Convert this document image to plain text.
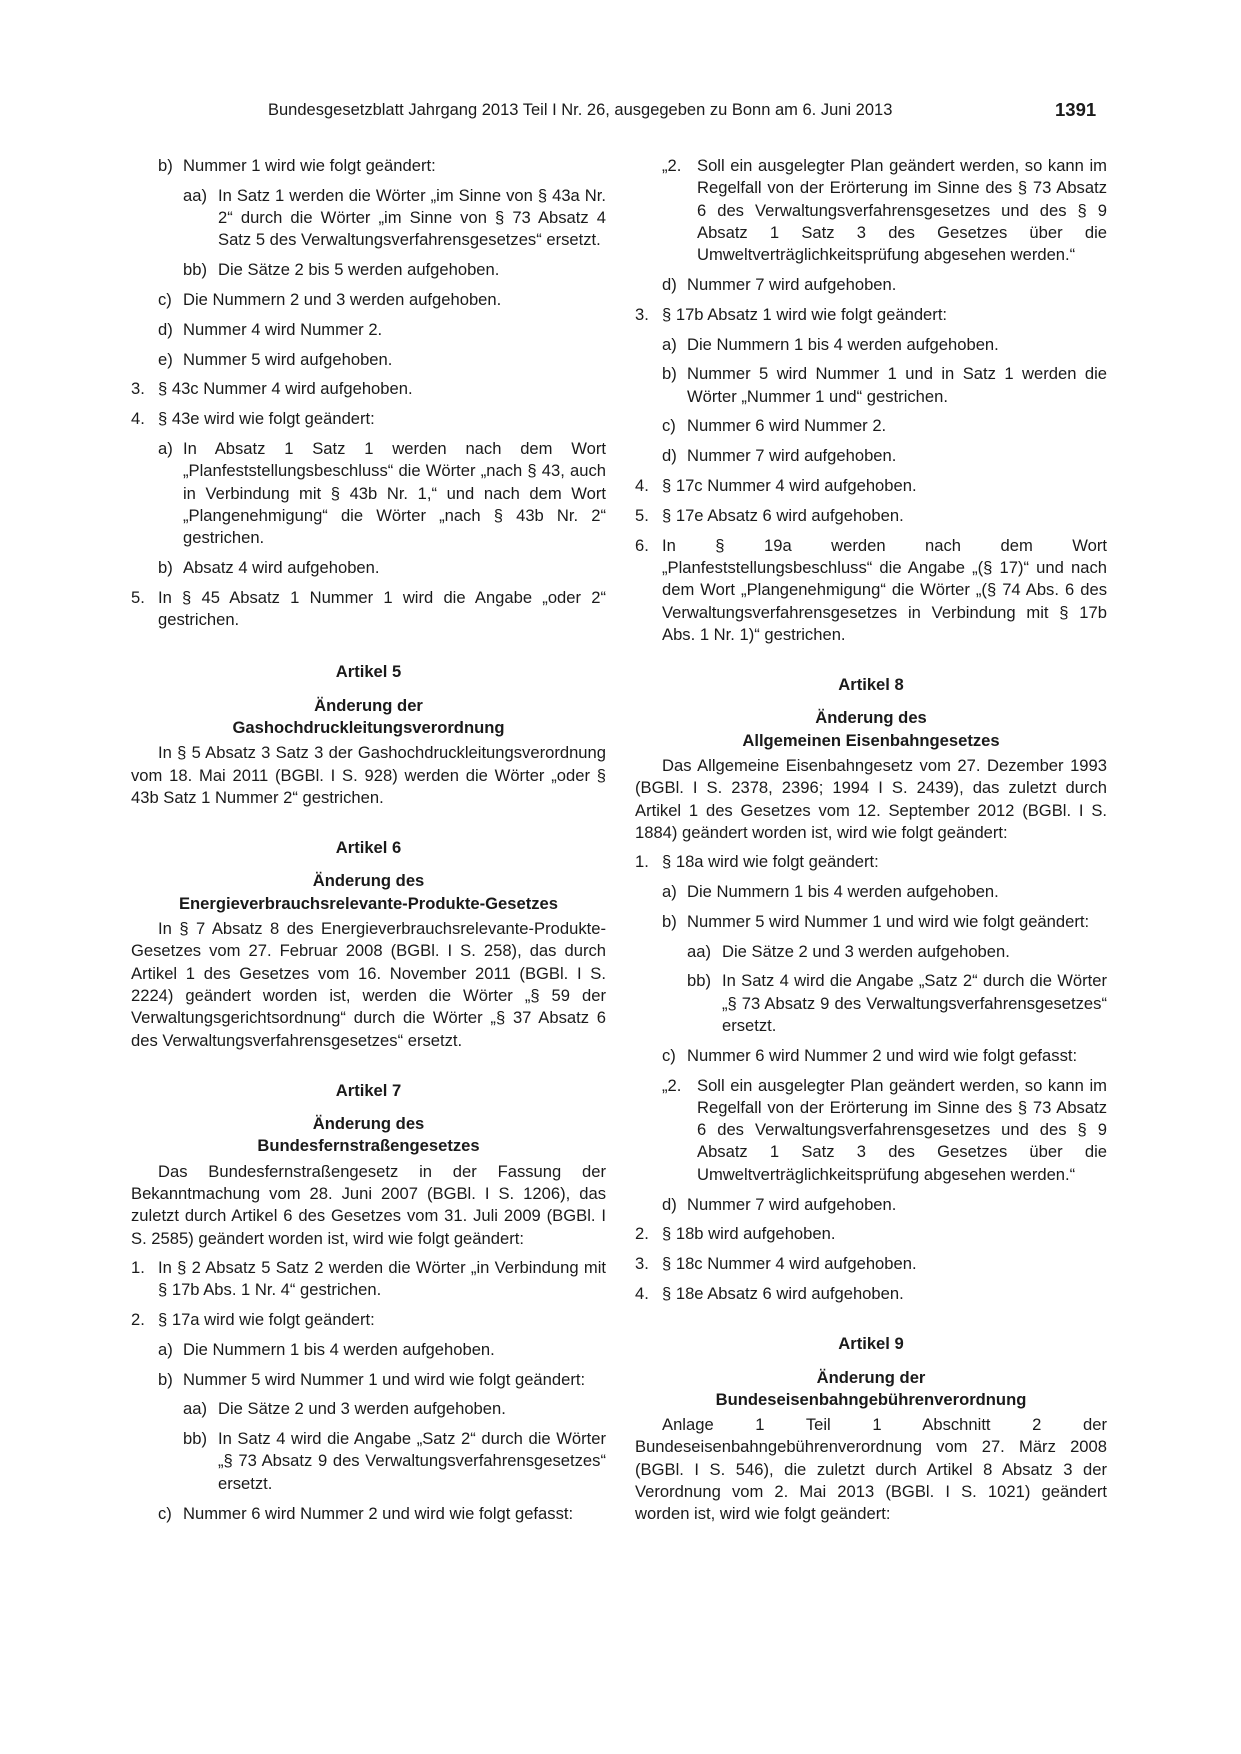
Bundesgesetzblatt Jahrgang 2013 Teil I Nr. 26, ausgegeben zu Bonn am 6. Juni 2013	1391
b) Nummer 1 wird wie folgt geändert:
aa) In Satz 1 werden die Wörter „im Sinne von § 43a Nr. 2“ durch die Wörter „im Sinne von § 73 Absatz 4 Satz 5 des Verwaltungsverfahrensgesetzes“ ersetzt.
bb) Die Sätze 2 bis 5 werden aufgehoben.
c) Die Nummern 2 und 3 werden aufgehoben.
d) Nummer 4 wird Nummer 2.
e) Nummer 5 wird aufgehoben.
3. § 43c Nummer 4 wird aufgehoben.
4. § 43e wird wie folgt geändert:
a) In Absatz 1 Satz 1 werden nach dem Wort „Planfeststellungsbeschluss“ die Wörter „nach § 43, auch in Verbindung mit § 43b Nr. 1,“ und nach dem Wort „Plangenehmigung“ die Wörter „nach § 43b Nr. 2“ gestrichen.
b) Absatz 4 wird aufgehoben.
5. In § 45 Absatz 1 Nummer 1 wird die Angabe „oder 2“ gestrichen.
Artikel 5
Änderung der
Gashochdruckleitungsverordnung
In § 5 Absatz 3 Satz 3 der Gashochdruckleitungsverordnung vom 18. Mai 2011 (BGBl. I S. 928) werden die Wörter „oder § 43b Satz 1 Nummer 2“ gestrichen.
Artikel 6
Änderung des
Energieverbrauchsrelevante-Produkte-Gesetzes
In § 7 Absatz 8 des Energieverbrauchsrelevante-Produkte-Gesetzes vom 27. Februar 2008 (BGBl. I S. 258), das durch Artikel 1 des Gesetzes vom 16. November 2011 (BGBl. I S. 2224) geändert worden ist, werden die Wörter „§ 59 der Verwaltungsgerichtsordnung“ durch die Wörter „§ 37 Absatz 6 des Verwaltungsverfahrensgesetzes“ ersetzt.
Artikel 7
Änderung des
Bundesfernstraßengesetzes
Das Bundesfernstraßengesetz in der Fassung der Bekanntmachung vom 28. Juni 2007 (BGBl. I S. 1206), das zuletzt durch Artikel 6 des Gesetzes vom 31. Juli 2009 (BGBl. I S. 2585) geändert worden ist, wird wie folgt geändert:
1. In § 2 Absatz 5 Satz 2 werden die Wörter „in Verbindung mit § 17b Abs. 1 Nr. 4“ gestrichen.
2. § 17a wird wie folgt geändert:
a) Die Nummern 1 bis 4 werden aufgehoben.
b) Nummer 5 wird Nummer 1 und wird wie folgt geändert:
aa) Die Sätze 2 und 3 werden aufgehoben.
bb) In Satz 4 wird die Angabe „Satz 2“ durch die Wörter „§ 73 Absatz 9 des Verwaltungsverfahrensgesetzes“ ersetzt.
c) Nummer 6 wird Nummer 2 und wird wie folgt gefasst:
„2. Soll ein ausgelegter Plan geändert werden, so kann im Regelfall von der Erörterung im Sinne des § 73 Absatz 6 des Verwaltungsverfahrensgesetzes und des § 9 Absatz 1 Satz 3 des Gesetzes über die Umweltverträglichkeitsprüfung abgesehen werden.“
d) Nummer 7 wird aufgehoben.
3. § 17b Absatz 1 wird wie folgt geändert:
a) Die Nummern 1 bis 4 werden aufgehoben.
b) Nummer 5 wird Nummer 1 und in Satz 1 werden die Wörter „Nummer 1 und“ gestrichen.
c) Nummer 6 wird Nummer 2.
d) Nummer 7 wird aufgehoben.
4. § 17c Nummer 4 wird aufgehoben.
5. § 17e Absatz 6 wird aufgehoben.
6. In § 19a werden nach dem Wort „Planfeststellungsbeschluss“ die Angabe „(§ 17)“ und nach dem Wort „Plangenehmigung“ die Wörter „(§ 74 Abs. 6 des Verwaltungsverfahrensgesetzes in Verbindung mit § 17b Abs. 1 Nr. 1)“ gestrichen.
Artikel 8
Änderung des
Allgemeinen Eisenbahngesetzes
Das Allgemeine Eisenbahngesetz vom 27. Dezember 1993 (BGBl. I S. 2378, 2396; 1994 I S. 2439), das zuletzt durch Artikel 1 des Gesetzes vom 12. September 2012 (BGBl. I S. 1884) geändert worden ist, wird wie folgt geändert:
1. § 18a wird wie folgt geändert:
a) Die Nummern 1 bis 4 werden aufgehoben.
b) Nummer 5 wird Nummer 1 und wird wie folgt geändert:
aa) Die Sätze 2 und 3 werden aufgehoben.
bb) In Satz 4 wird die Angabe „Satz 2“ durch die Wörter „§ 73 Absatz 9 des Verwaltungsverfahrensgesetzes“ ersetzt.
c) Nummer 6 wird Nummer 2 und wird wie folgt gefasst:
„2. Soll ein ausgelegter Plan geändert werden, so kann im Regelfall von der Erörterung im Sinne des § 73 Absatz 6 des Verwaltungsverfahrensgesetzes und des § 9 Absatz 1 Satz 3 des Gesetzes über die Umweltverträglichkeitsprüfung abgesehen werden.“
d) Nummer 7 wird aufgehoben.
2. § 18b wird aufgehoben.
3. § 18c Nummer 4 wird aufgehoben.
4. § 18e Absatz 6 wird aufgehoben.
Artikel 9
Änderung der
Bundeseisenbahngebührenverordnung
Anlage 1 Teil 1 Abschnitt 2 der Bundeseisenbahngebührenverordnung vom 27. März 2008 (BGBl. I S. 546), die zuletzt durch Artikel 8 Absatz 3 der Verordnung vom 2. Mai 2013 (BGBl. I S. 1021) geändert worden ist, wird wie folgt geändert:
